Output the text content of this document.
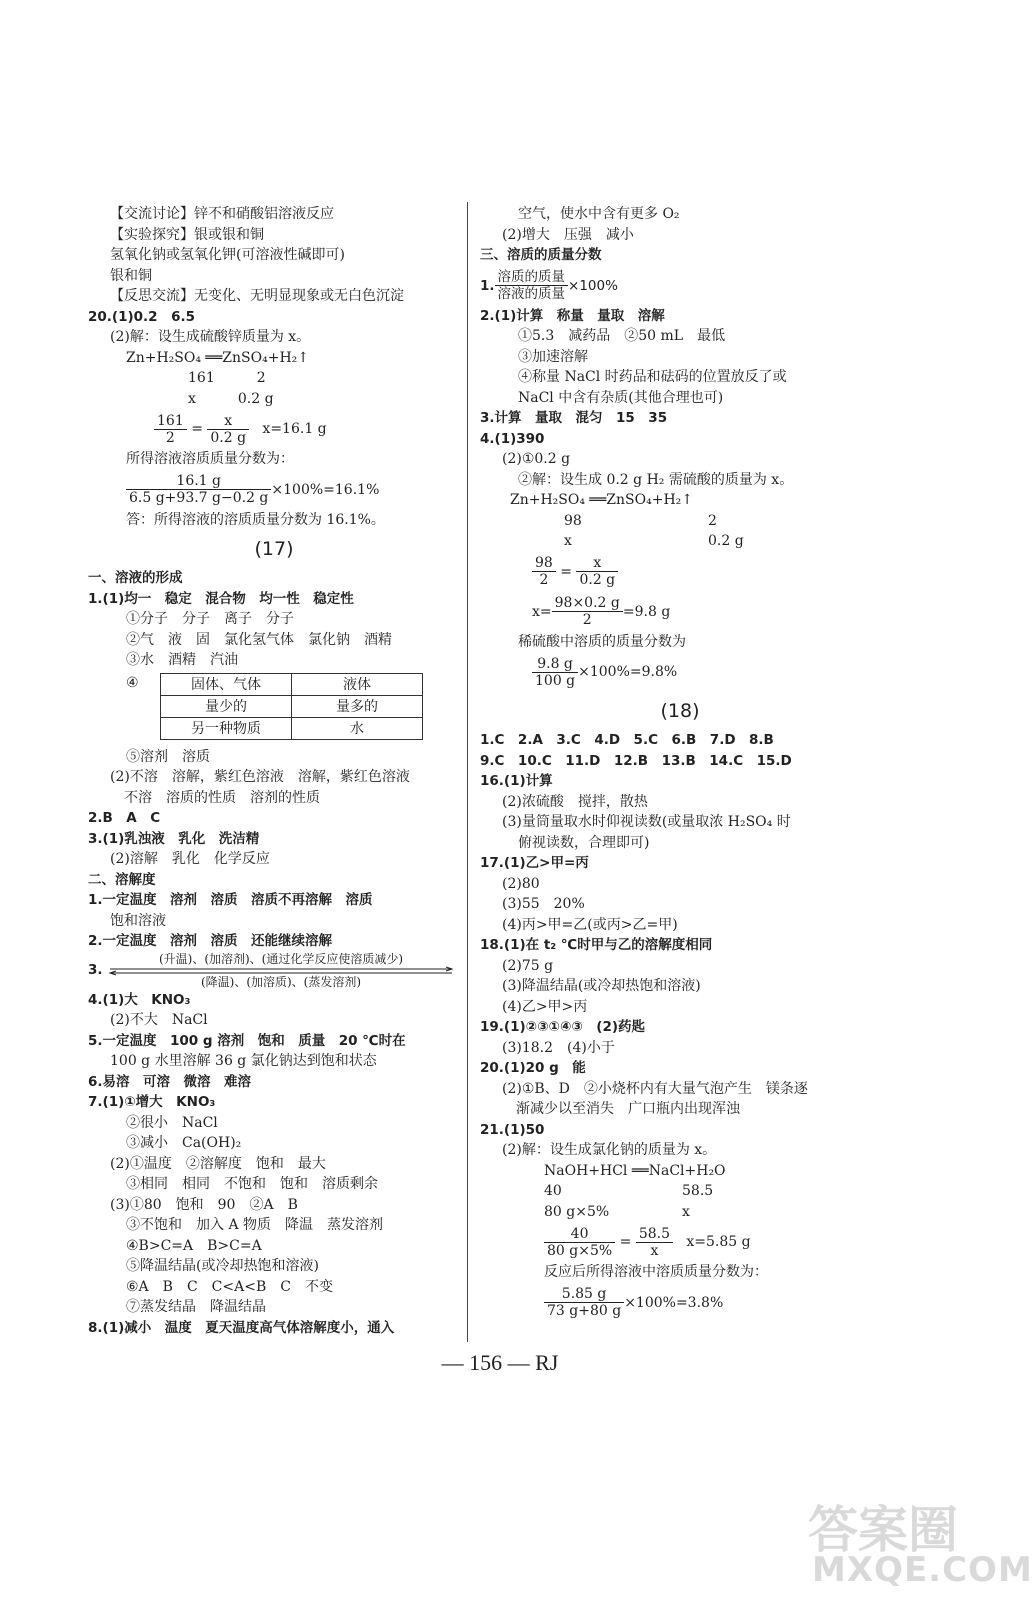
【交流讨论】锌不和硝酸铝溶液反应
【实验探究】银或银和铜
氢氧化钠或氢氧化钾(可溶液性碱即可)
银和铜
【反思交流】无变化、无明显现象或无白色沉淀
20.(1)0.2　6.5
(2)解：设生成硫酸锌质量为 x。
Zn+H₂SO₄ ══ZnSO₄+H₂↑
161　　　2
x　　　0.2 g
$\frac{161}{2} = \frac{x}{0.2 g} x=16.1$ g
所得溶液溶质质量分数为：
$\frac{16.1 g}{6.5 g+93.7 g-0.2 g} \times 100\%=16.1\%$
答：所得溶液的溶质质量分数为 16.1%。
(17)
一、溶液的形成
1.(1)均一　稳定　混合物　均一性　稳定性
①分子　分子　离子　分子
②气　液　固　氯化氢气体　氯化钠　酒精
③水　酒精　汽油
④	固体、气体	液体
量少的	量多的
另一种物质	水
⑤溶剂　溶质
(2)不溶　溶解，紫红色溶液　溶解，紫红色溶液
不溶　溶质的性质　溶剂的性质
2.B　A　C
3.(1)乳浊液　乳化　洗洁精
(2)溶解　乳化　化学反应
二、溶解度
1.一定温度　溶剂　溶质　溶质不再溶解　溶质
饱和溶液
2.一定温度　溶剂　溶质　还能继续溶解
3.
(升温)、(加溶剂)、(通过化学反应使溶质减少)
(降温)、(加溶质)、(蒸发溶剂)
4.(1)大　KNO₃
(2)不大　NaCl
5.一定温度　100 g 溶剂　饱和　质量　20 ℃时在
100 g 水里溶解 36 g 氯化钠达到饱和状态
6.易溶　可溶　微溶　难溶
7.(1)①增大　KNO₃
②很小　NaCl
③减小　Ca(OH)₂
(2)①温度　②溶解度　饱和　最大
③相同　相同　不饱和　饱和　溶质剩余
(3)①80　饱和　90　②A　B
③不饱和　加入 A 物质　降温　蒸发溶剂
④B>C=A　B>C=A
⑤降温结晶(或冷却热饱和溶液)
⑥A　B　C　C<A<B　C　不变
⑦蒸发结晶　降温结晶
8.(1)减小　温度　夏天温度高气体溶解度小，通入
空气，使水中含有更多 O₂
(2)增大　压强　减小
三、溶质的质量分数
1. $\frac{\text{溶质的质量}}{\text{溶液的质量}} \times 100\%$
2.(1)计算　称量　量取　溶解
①5.3　减药品　②50 mL　最低
③加速溶解
④称量 NaCl 时药品和砝码的位置放反了或
NaCl 中含有杂质(其他合理也可)
3.计算　量取　混匀　15　35
4.(1)390
(2)①0.2 g
②解：设生成 0.2 g H₂ 需硫酸的质量为 x。
Zn+H₂SO₄ ══ZnSO₄+H₂↑
98	2
x	0.2 g
$\frac{98}{2} = \frac{x}{0.2 g}$
$x= \frac{98\times 0.2 g}{2} =9.8$ g
稀硫酸中溶质的质量分数为
$\frac{9.8 g}{100 g} \times 100\%=9.8\%$
(18)
1.C　2.A　3.C　4.D　5.C　6.B　7.D　8.B
9.C　10.C　11.D　12.B　13.B　14.C　15.D
16.(1)计算
(2)浓硫酸　搅拌，散热
(3)量筒量取水时仰视读数(或量取浓 H₂SO₄ 时
俯视读数，合理即可)
17.(1)乙>甲=丙
(2)80
(3)55　20%
(4)丙>甲=乙(或丙>乙=甲)
18.(1)在 t₂ ℃时甲与乙的溶解度相同
(2)75 g
(3)降温结晶(或冷却热饱和溶液)
(4)乙>甲>丙
19.(1)②③①④③　(2)药匙
(3)18.2　(4)小于
20.(1)20 g　能
(2)①B、D　②小烧杯内有大量气泡产生　镁条逐
渐减少以至消失　广口瓶内出现浑浊
21.(1)50
(2)解：设生成氯化钠的质量为 x。
NaOH+HCl ══NaCl+H₂O
40	58.5
80 g×5%	x
$\frac{40}{80 g\times 5\%} = \frac{58.5}{x} x=5.85$ g
反应后所得溶液中溶质质量分数为：
$\frac{5.85 g}{73 g+80 g} \times 100\%=3.8\%$
— 156 — RJ
答案圈
MXQE.COM
